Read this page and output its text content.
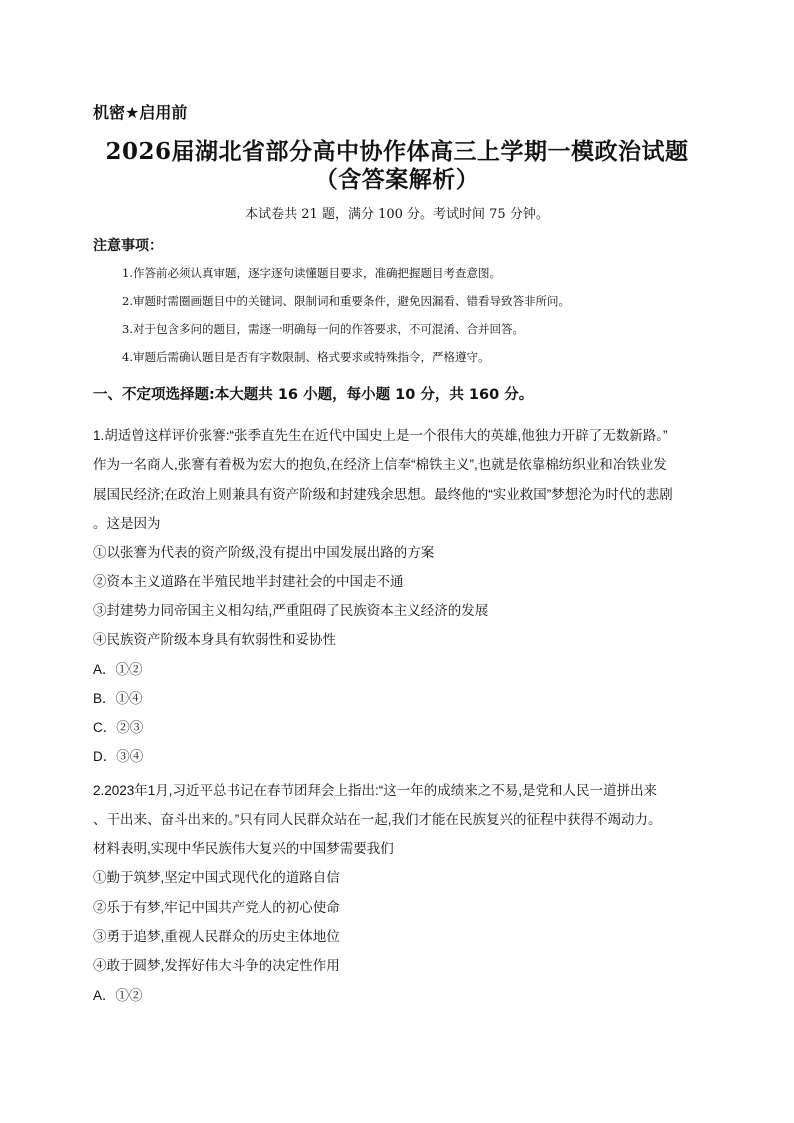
机密★启用前
2026届湖北省部分高中协作体高三上学期一模政治试题
（含答案解析）
本试卷共 21 题，满分 100 分。考试时间 75 分钟。
注意事项：
1.作答前必须认真审题，逐字逐句读懂题目要求，准确把握题目考查意图。
2.审题时需圈画题目中的关键词、限制词和重要条件，避免因漏看、错看导致答非所问。
3.对于包含多问的题目，需逐一明确每一问的作答要求，不可混淆、合并回答。
4.审题后需确认题目是否有字数限制、格式要求或特殊指令，严格遵守。
一、不定项选择题:本大题共 16 小题，每小题 10 分，共 160 分。
1.胡适曾这样评价张謇:“张季直先生在近代中国史上是一个很伟大的英雄,他独力开辟了无数新路。”
作为一名商人,张謇有着极为宏大的抱负,在经济上信奉“棉铁主义”,也就是依靠棉纺织业和冶铁业发
展国民经济;在政治上则兼具有资产阶级和封建残余思想。最终他的“实业救国”梦想沦为时代的悲剧
。这是因为
①以张謇为代表的资产阶级,没有提出中国发展出路的方案
②资本主义道路在半殖民地半封建社会的中国走不通
③封建势力同帝国主义相勾结,严重阻碍了民族资本主义经济的发展
④民族资产阶级本身具有软弱性和妥协性
A．①②
B．①④
C．②③
D．③④
2.2023年1月,习近平总书记在春节团拜会上指出:“这一年的成绩来之不易,是党和人民一道拼出来
、干出来、奋斗出来的。”只有同人民群众站在一起,我们才能在民族复兴的征程中获得不竭动力。
材料表明,实现中华民族伟大复兴的中国梦需要我们
①勤于筑梦,坚定中国式现代化的道路自信
②乐于有梦,牢记中国共产党人的初心使命
③勇于追梦,重视人民群众的历史主体地位
④敢于圆梦,发挥好伟大斗争的决定性作用
A．①②
